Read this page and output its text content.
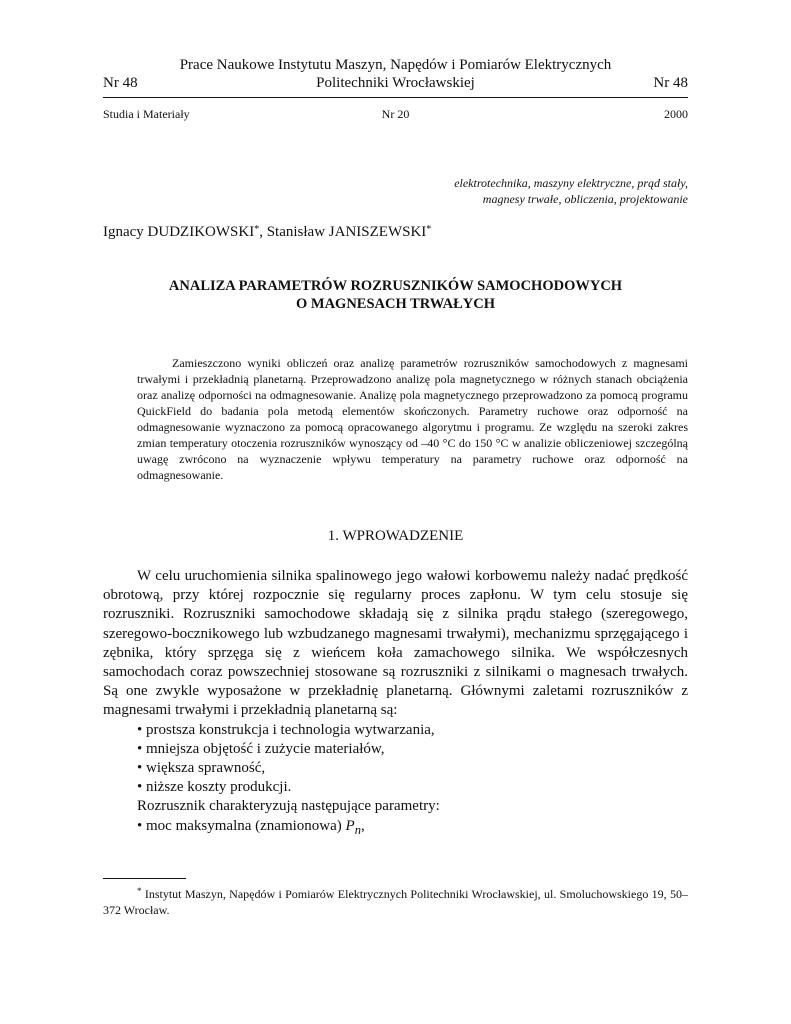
Prace Naukowe Instytutu Maszyn, Napędów i Pomiarów Elektrycznych
Nr 48	Politechniki Wrocławskiej	Nr 48
Studia i Materiały	Nr 20	2000
elektrotechnika, maszyny elektryczne, prąd stały,
magnesy trwałe, obliczenia, projektowanie
Ignacy DUDZIKOWSKI*, Stanisław JANISZEWSKI*
ANALIZA PARAMETRÓW ROZRUSZNIKÓW SAMOCHODOWYCH
O MAGNESACH TRWAŁYCH
Zamieszczono wyniki obliczeń oraz analizę parametrów rozruszników samochodowych z magnesami trwałymi i przekładnią planetarną. Przeprowadzono analizę pola magnetycznego w różnych stanach obciążenia oraz analizę odporności na odmagnesowanie. Analizę pola magnetycznego przeprowadzono za pomocą programu QuickField do badania pola metodą elementów skończonych. Parametry ruchowe oraz odporność na odmagnesowanie wyznaczono za pomocą opracowanego algorytmu i programu. Ze względu na szeroki zakres zmian temperatury otoczenia rozruszników wynoszący od –40 °C do 150 °C w analizie obliczeniowej szczególną uwagę zwrócono na wyznaczenie wpływu temperatury na parametry ruchowe oraz odporność na odmagnesowanie.
1. WPROWADZENIE

W celu uruchomienia silnika spalinowego jego wałowi korbowemu należy nadać prędkość obrotową, przy której rozpocznie się regularny proces zapłonu. W tym celu stosuje się rozruszniki. Rozruszniki samochodowe składają się z silnika prądu stałego (szeregowego, szeregowo-bocznikowego lub wzbudzanego magnesami trwałymi), mechanizmu sprzęgającego i zębnika, który sprzęga się z wieńcem koła zamachowego silnika. We współczesnych samochodach coraz powszechniej stosowane są rozruszniki z silnikami o magnesach trwałych. Są one zwykle wyposażone w przekładnię planetarną. Głównymi zaletami rozruszników z magnesami trwałymi i przekładnią planetarną są:

• prostsza konstrukcja i technologia wytwarzania,
• mniejsza objętość i zużycie materiałów,
• większa sprawność,
• niższe koszty produkcji.
Rozrusznik charakteryzują następujące parametry:
• moc maksymalna (znamionowa) $P_n$,
* Instytut Maszyn, Napędów i Pomiarów Elektrycznych Politechniki Wrocławskiej, ul. Smoluchowskiego 19, 50–372 Wrocław.
